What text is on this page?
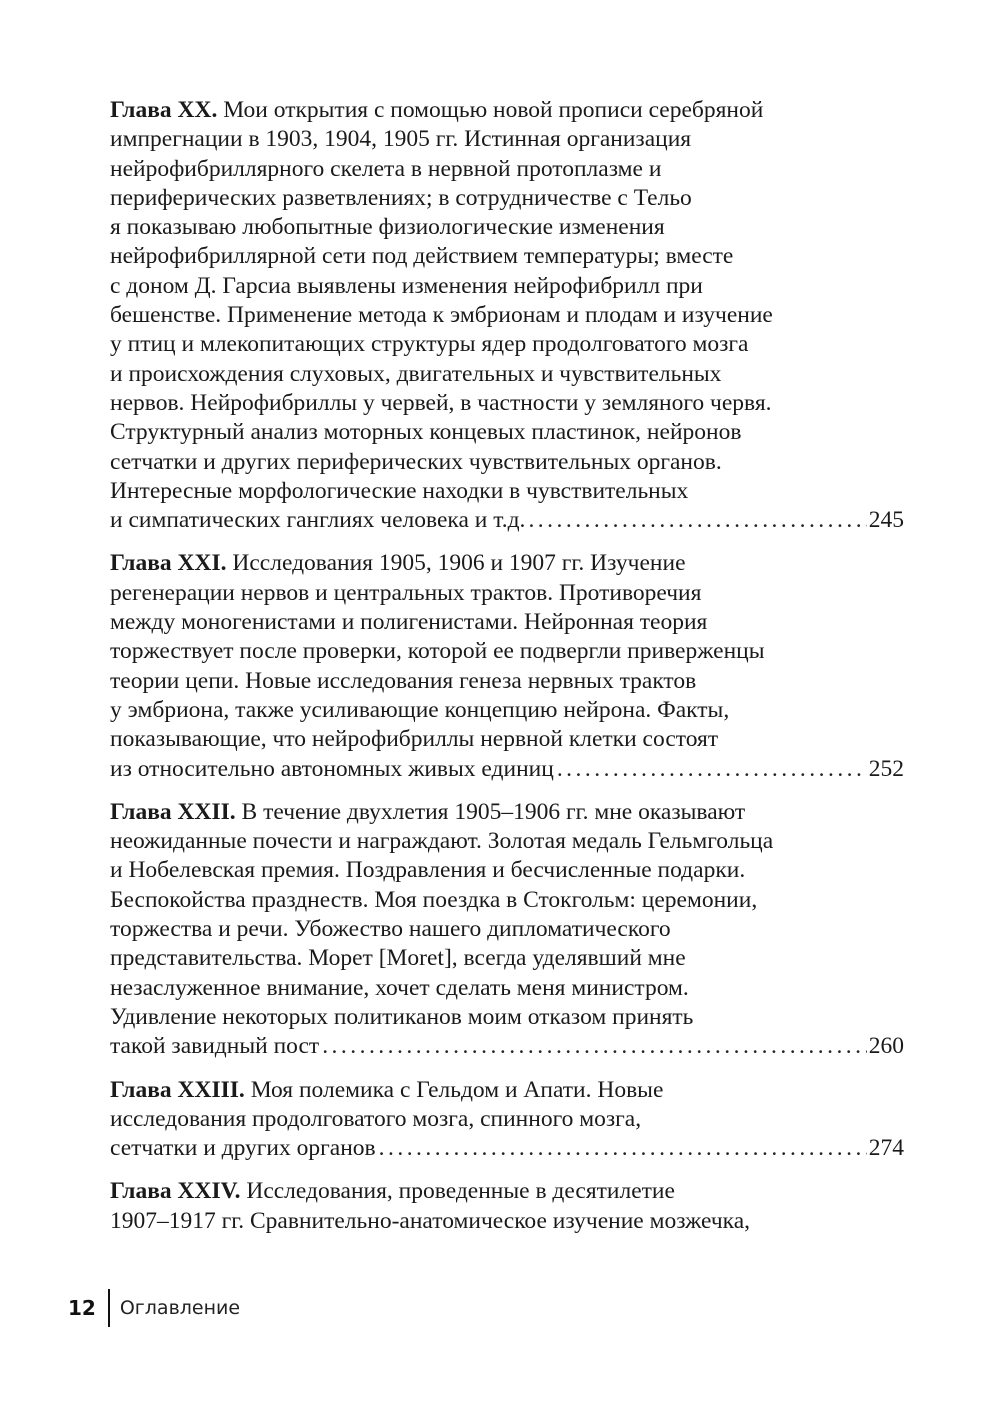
Глава XX. Мои открытия с помощью новой прописи серебряной
импрегнации в 1903, 1904, 1905 гг. Истинная организация
нейрофибриллярного скелета в нервной протоплазме и
периферических разветвлениях; в сотрудничестве с Тельо
я показываю любопытные физиологические изменения
нейрофибриллярной сети под действием температуры; вместе
с доном Д. Гарсиа выявлены изменения нейрофибрилл при
бешенстве. Применение метода к эмбрионам и плодам и изучение
у птиц и млекопитающих структуры ядер продолговатого мозга
и происхождения слуховых, двигательных и чувствительных
нервов. Нейрофибриллы у червей, в частности у земляного червя.
Структурный анализ моторных концевых пластинок, нейронов
сетчатки и других периферических чувствительных органов.
Интересные морфологические находки в чувствительных
и симпатических ганглиях человека и т.д. . . .	245
Глава XXI. Исследования 1905, 1906 и 1907 гг. Изучение
регенерации нервов и центральных трактов. Противоречия
между моногенистами и полигенистами. Нейронная теория
торжествует после проверки, которой ее подвергли приверженцы
теории цепи. Новые исследования генеза нервных трактов
у эмбриона, также усиливающие концепцию нейрона. Факты,
показывающие, что нейрофибриллы нервной клетки состоят
из относительно автономных живых единиц . . .	252
Глава XXII. В течение двухлетия 1905–1906 гг. мне оказывают
неожиданные почести и награждают. Золотая медаль Гельмгольца
и Нобелевская премия. Поздравления и бесчисленные подарки.
Беспокойства празднеств. Моя поездка в Стокгольм: церемонии,
торжества и речи. Убожество нашего дипломатического
представительства. Морет [Moret], всегда уделявший мне
незаслуженное внимание, хочет сделать меня министром.
Удивление некоторых политиканов моим отказом принять
такой завидный пост . . .	260
Глава XXIII. Моя полемика с Гельдом и Апати. Новые
исследования продолговатого мозга, спинного мозга,
сетчатки и других органов . . .	274
Глава XXIV. Исследования, проведенные в десятилетие
1907–1917 гг. Сравнительно-анатомическое изучение мозжечка,
12 Оглавление
